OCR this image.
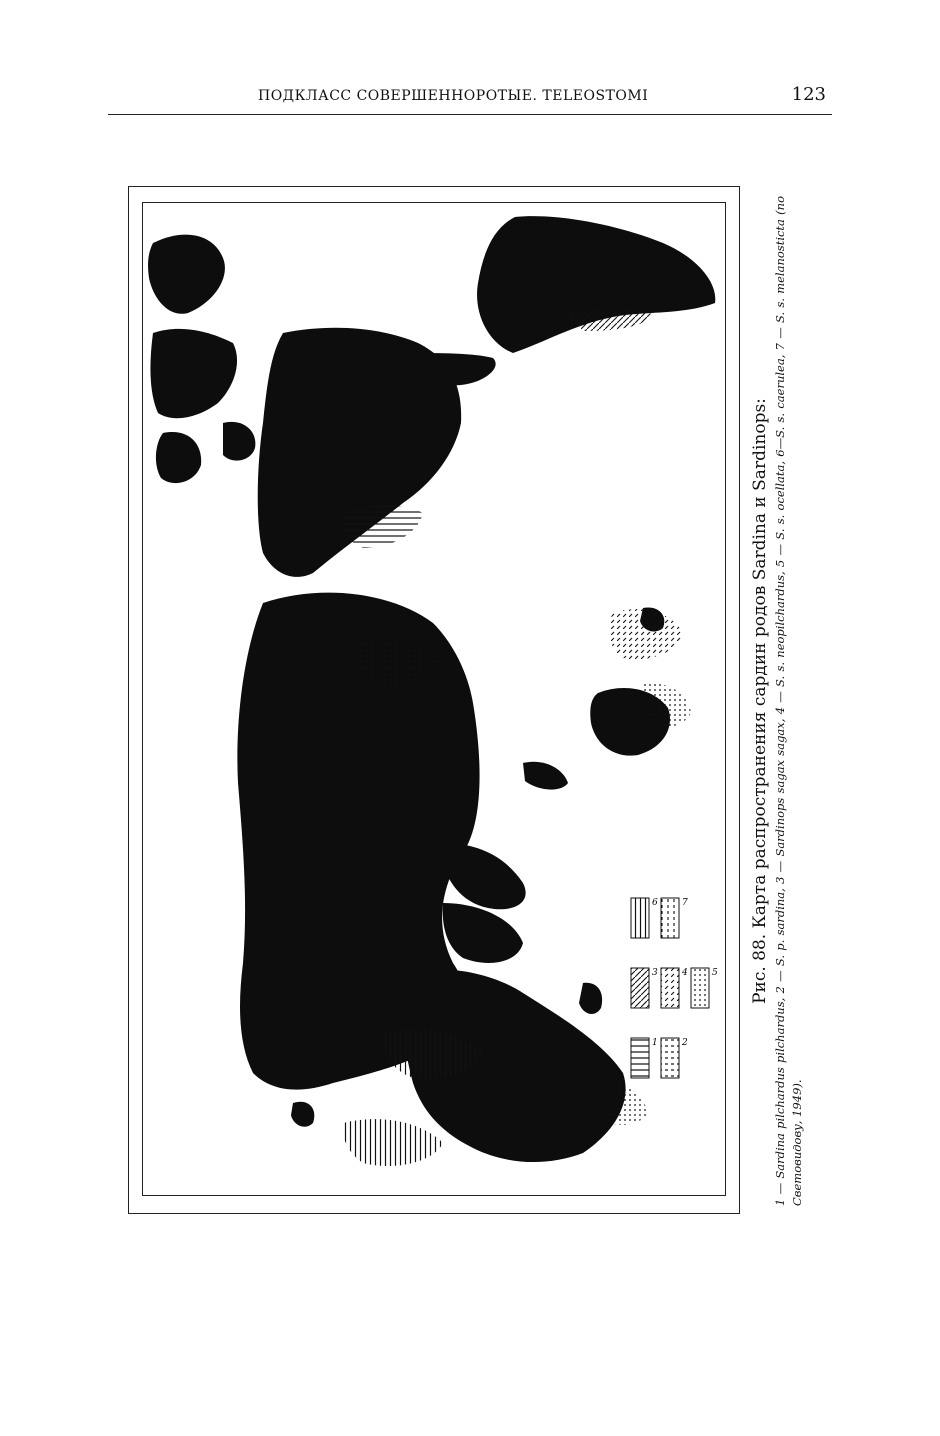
ПОДКЛАСС СОВЕРШЕННОРОТЫЕ. TELEOSTOMI	123
1	2
3	4	5
6	7	Рис. 88. Карта распространения сардин родов Sardina и Sardinops: 1 — Sardina pilchardus pilchardus, 2 — S. p. sardina, 3 — Sardinops sagax sagax, 4 — S. s. neopilchardus, 5 — S. s. ocellata, 6—S. s. caerulea, 7 — S. s. melanosticta (по Световидову, 1949).
